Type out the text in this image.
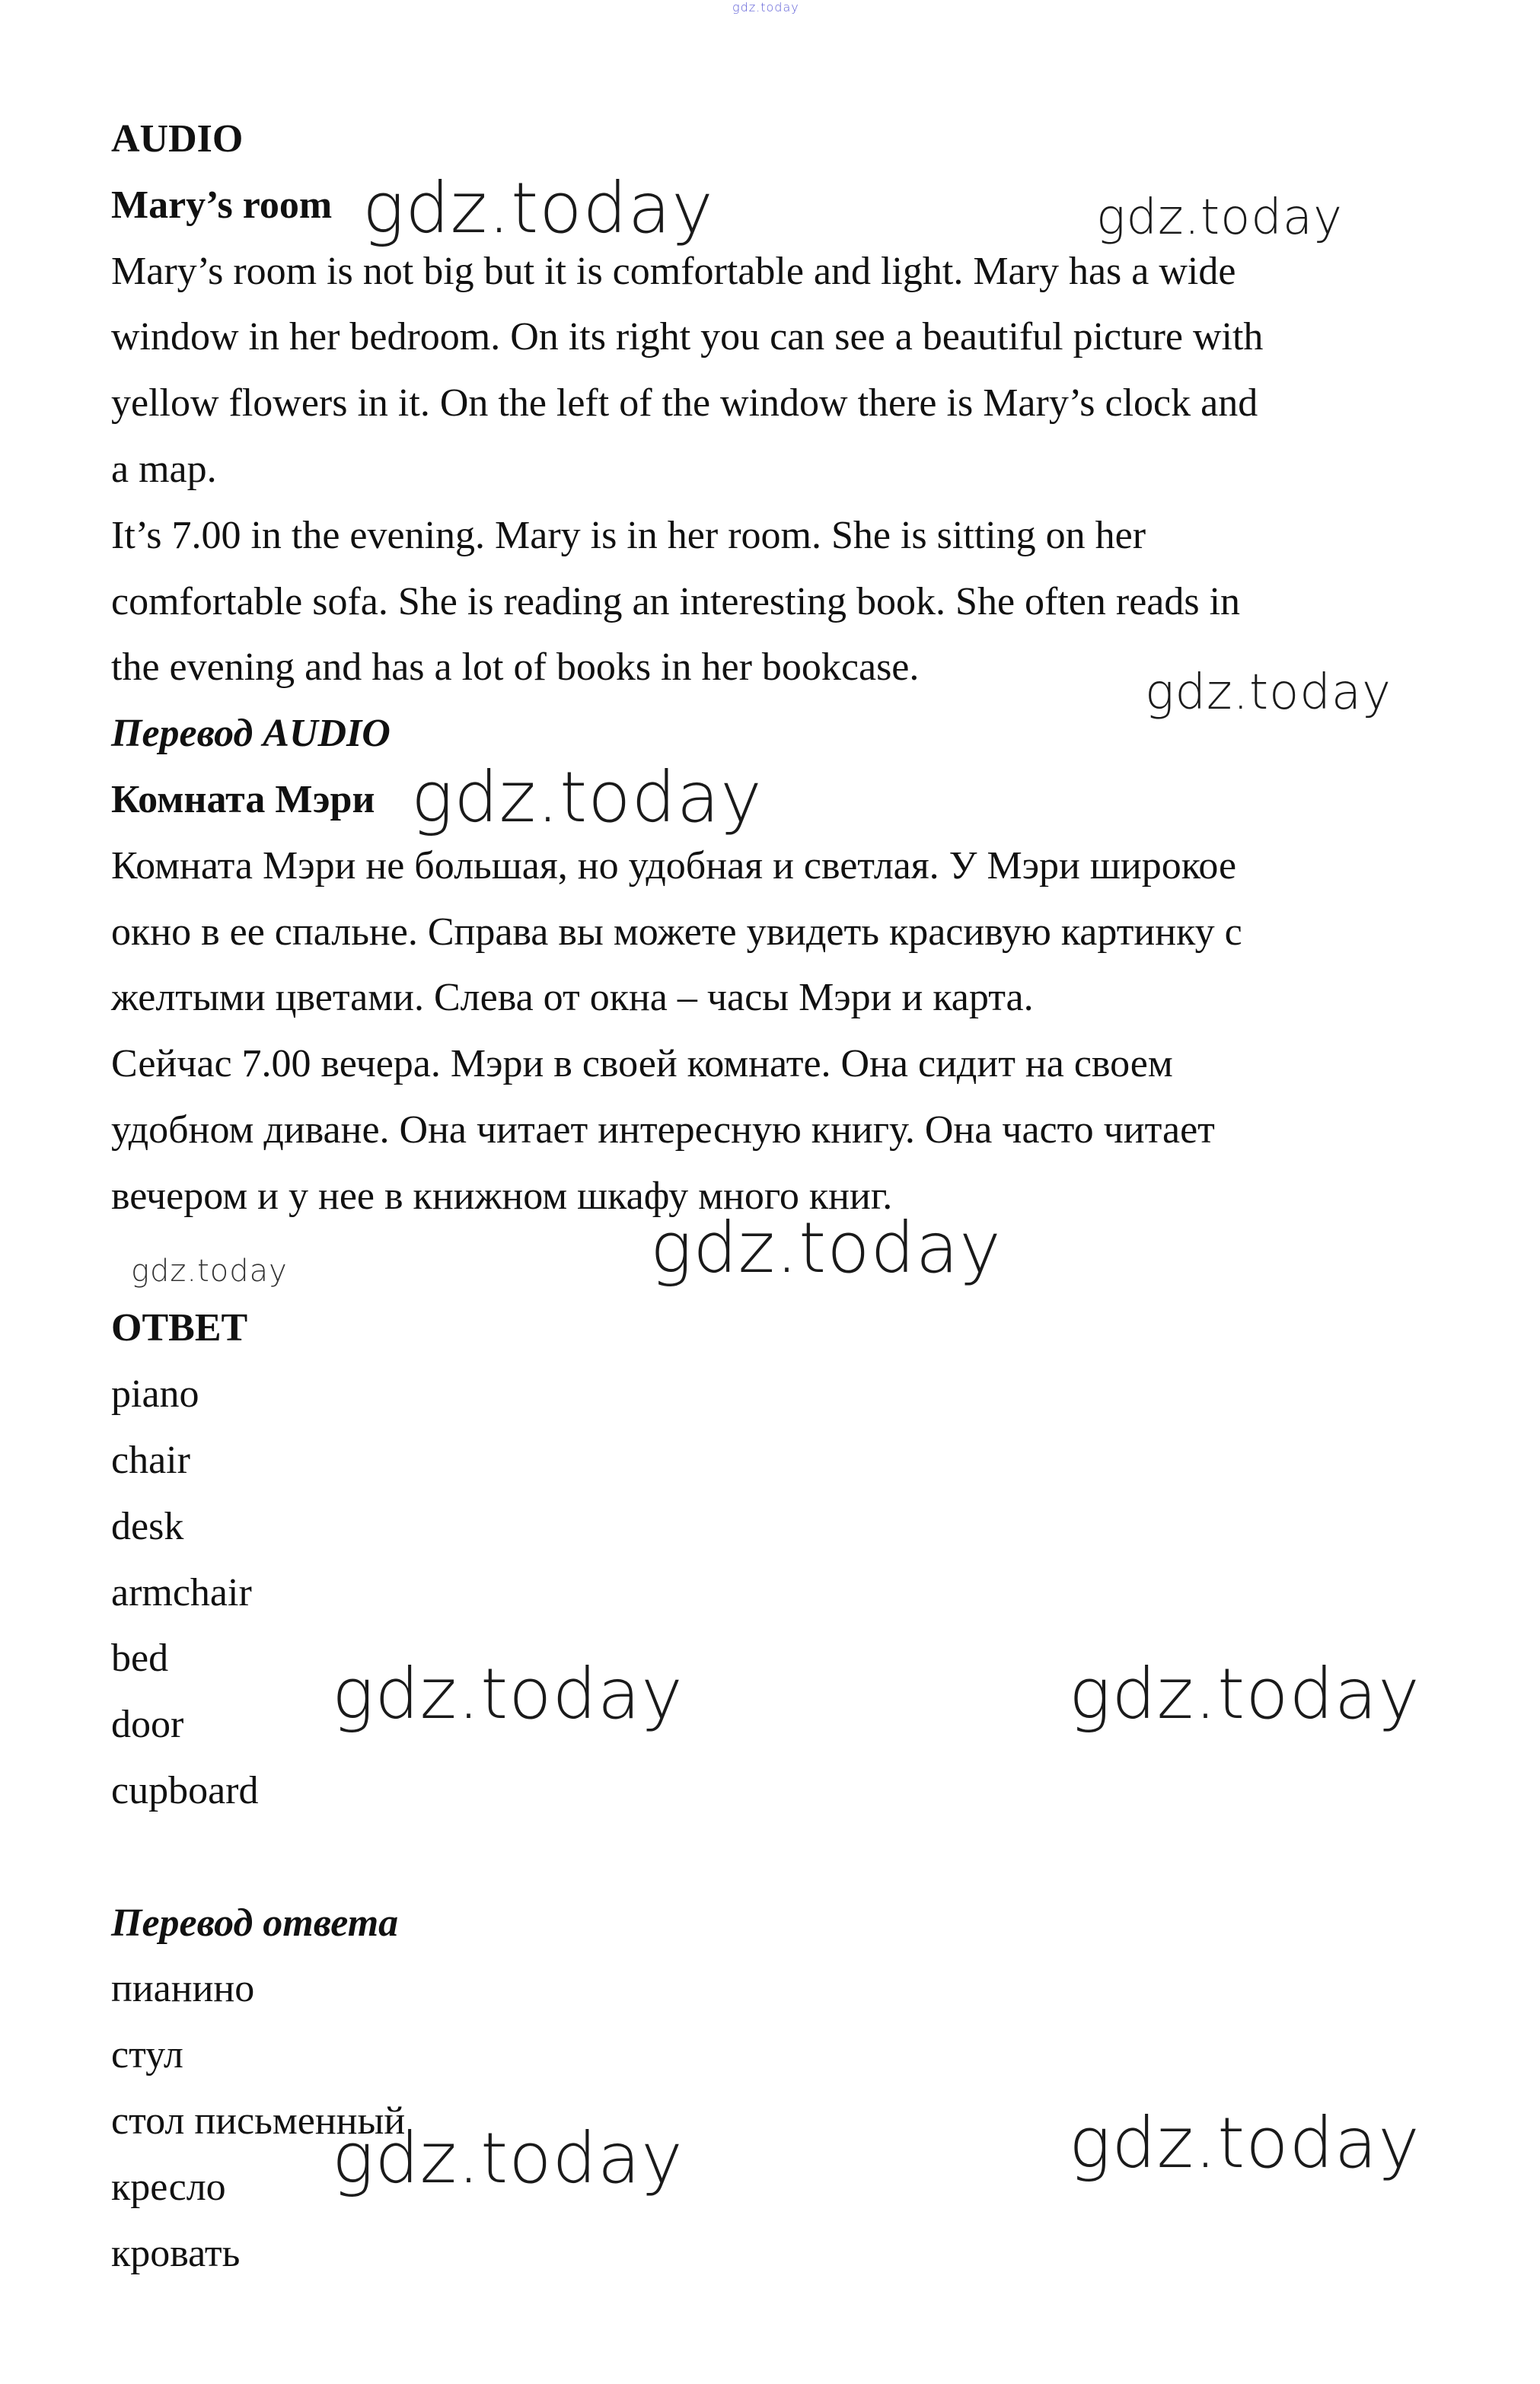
gdz.today
AUDIO
Mary’s room
Mary’s room is not big but it is comfortable and light. Mary has a wide
window in her bedroom. On its right you can see a beautiful picture with
yellow flowers in it. On the left of the window there is Mary’s clock and
a map.
It’s 7.00 in the evening. Mary is in her room. She is sitting on her
comfortable sofa. She is reading an interesting book. She often reads in
the evening and has a lot of books in her bookcase.
Перевод AUDIO
Комната Мэри
Комната Мэри не большая, но удобная и светлая. У Мэри широкое
окно в ее спальне. Справа вы можете увидеть красивую картинку с
желтыми цветами. Слева от окна – часы Мэри и карта.
Сейчас 7.00 вечера. Мэри в своей комнате. Она сидит на своем
удобном диване. Она читает интересную книгу. Она часто читает
вечером и у нее в книжном шкафу много книг.
ОТВЕТ
piano
chair
desk
armchair
bed
door
cupboard
Перевод ответа
пианино
стул
стол письменный
кресло
кровать
gdz.today	gdz.today
gdz.today
gdz.today
gdz.today
gdz.today
gdz.today	gdz.today
gdz.today	gdz.today
